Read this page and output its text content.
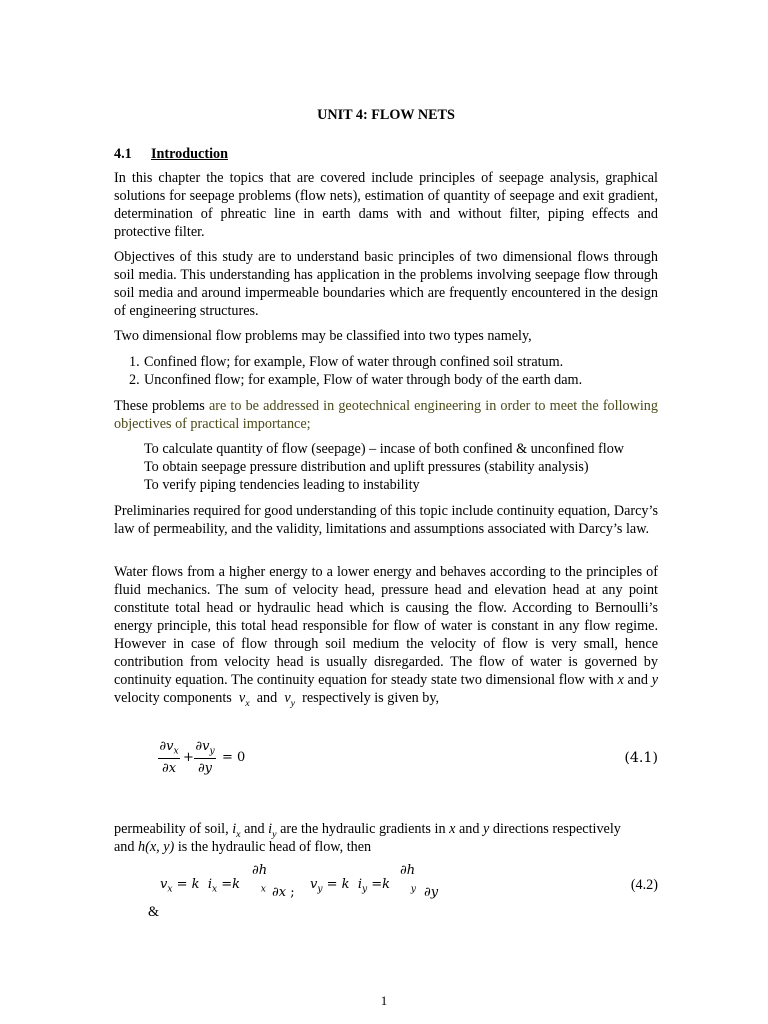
UNIT 4: FLOW NETS
4.1 Introduction

In this chapter the topics that are covered include principles of seepage analysis, graphical solutions for seepage problems (flow nets), estimation of quantity of seepage and exit gradient, determination of phreatic line in earth dams with and without filter, piping effects and protective filter.

Objectives of this study are to understand basic principles of two dimensional flows through soil media. This understanding has application in the problems involving seepage flow through soil media and around impermeable boundaries which are frequently encountered in the design of engineering structures.

Two dimensional flow problems may be classified into two types namely,

1. Confined flow; for example, Flow of water through confined soil stratum.
2. Unconfined flow; for example, Flow of water through body of the earth dam.

These problems are to be addressed in geotechnical engineering in order to meet the following objectives of practical importance;

To calculate quantity of flow (seepage) – incase of both confined & unconfined flow
To obtain seepage pressure distribution and uplift pressures (stability analysis)
To verify piping tendencies leading to instability

Preliminaries required for good understanding of this topic include continuity equation, Darcy’s law of permeability, and the validity, limitations and assumptions associated with Darcy’s law.

Water flows from a higher energy to a lower energy and behaves according to the principles of fluid mechanics. The sum of velocity head, pressure head and elevation head at any point constitute total head or hydraulic head which is causing the flow. According to Bernoulli’s energy principle, this total head responsible for flow of water is constant in any flow regime. However in case of flow through soil medium the velocity of flow is very small, hence contribution from velocity head is usually disregarded. The flow of water is governed by continuity equation. The continuity equation for steady state two dimensional flow with x and y velocity components $v_x$ and $v_y$ respectively is given by,

$\partial v_x$
∂x
+
$\partial v_y$
∂y
= 0	(4.1)

permeability of soil, $i_x$ and $i_y$ are the hydraulic gradients in x and y directions respectively
and h(x, y) is the hydraulic head of flow, then

$v_x = k$ $i_x =k$ $_x$
∂h
∂x ;
$v_y = k$ $i_y =k$ $_y$
∂h
∂y	(4.2)
&
1
